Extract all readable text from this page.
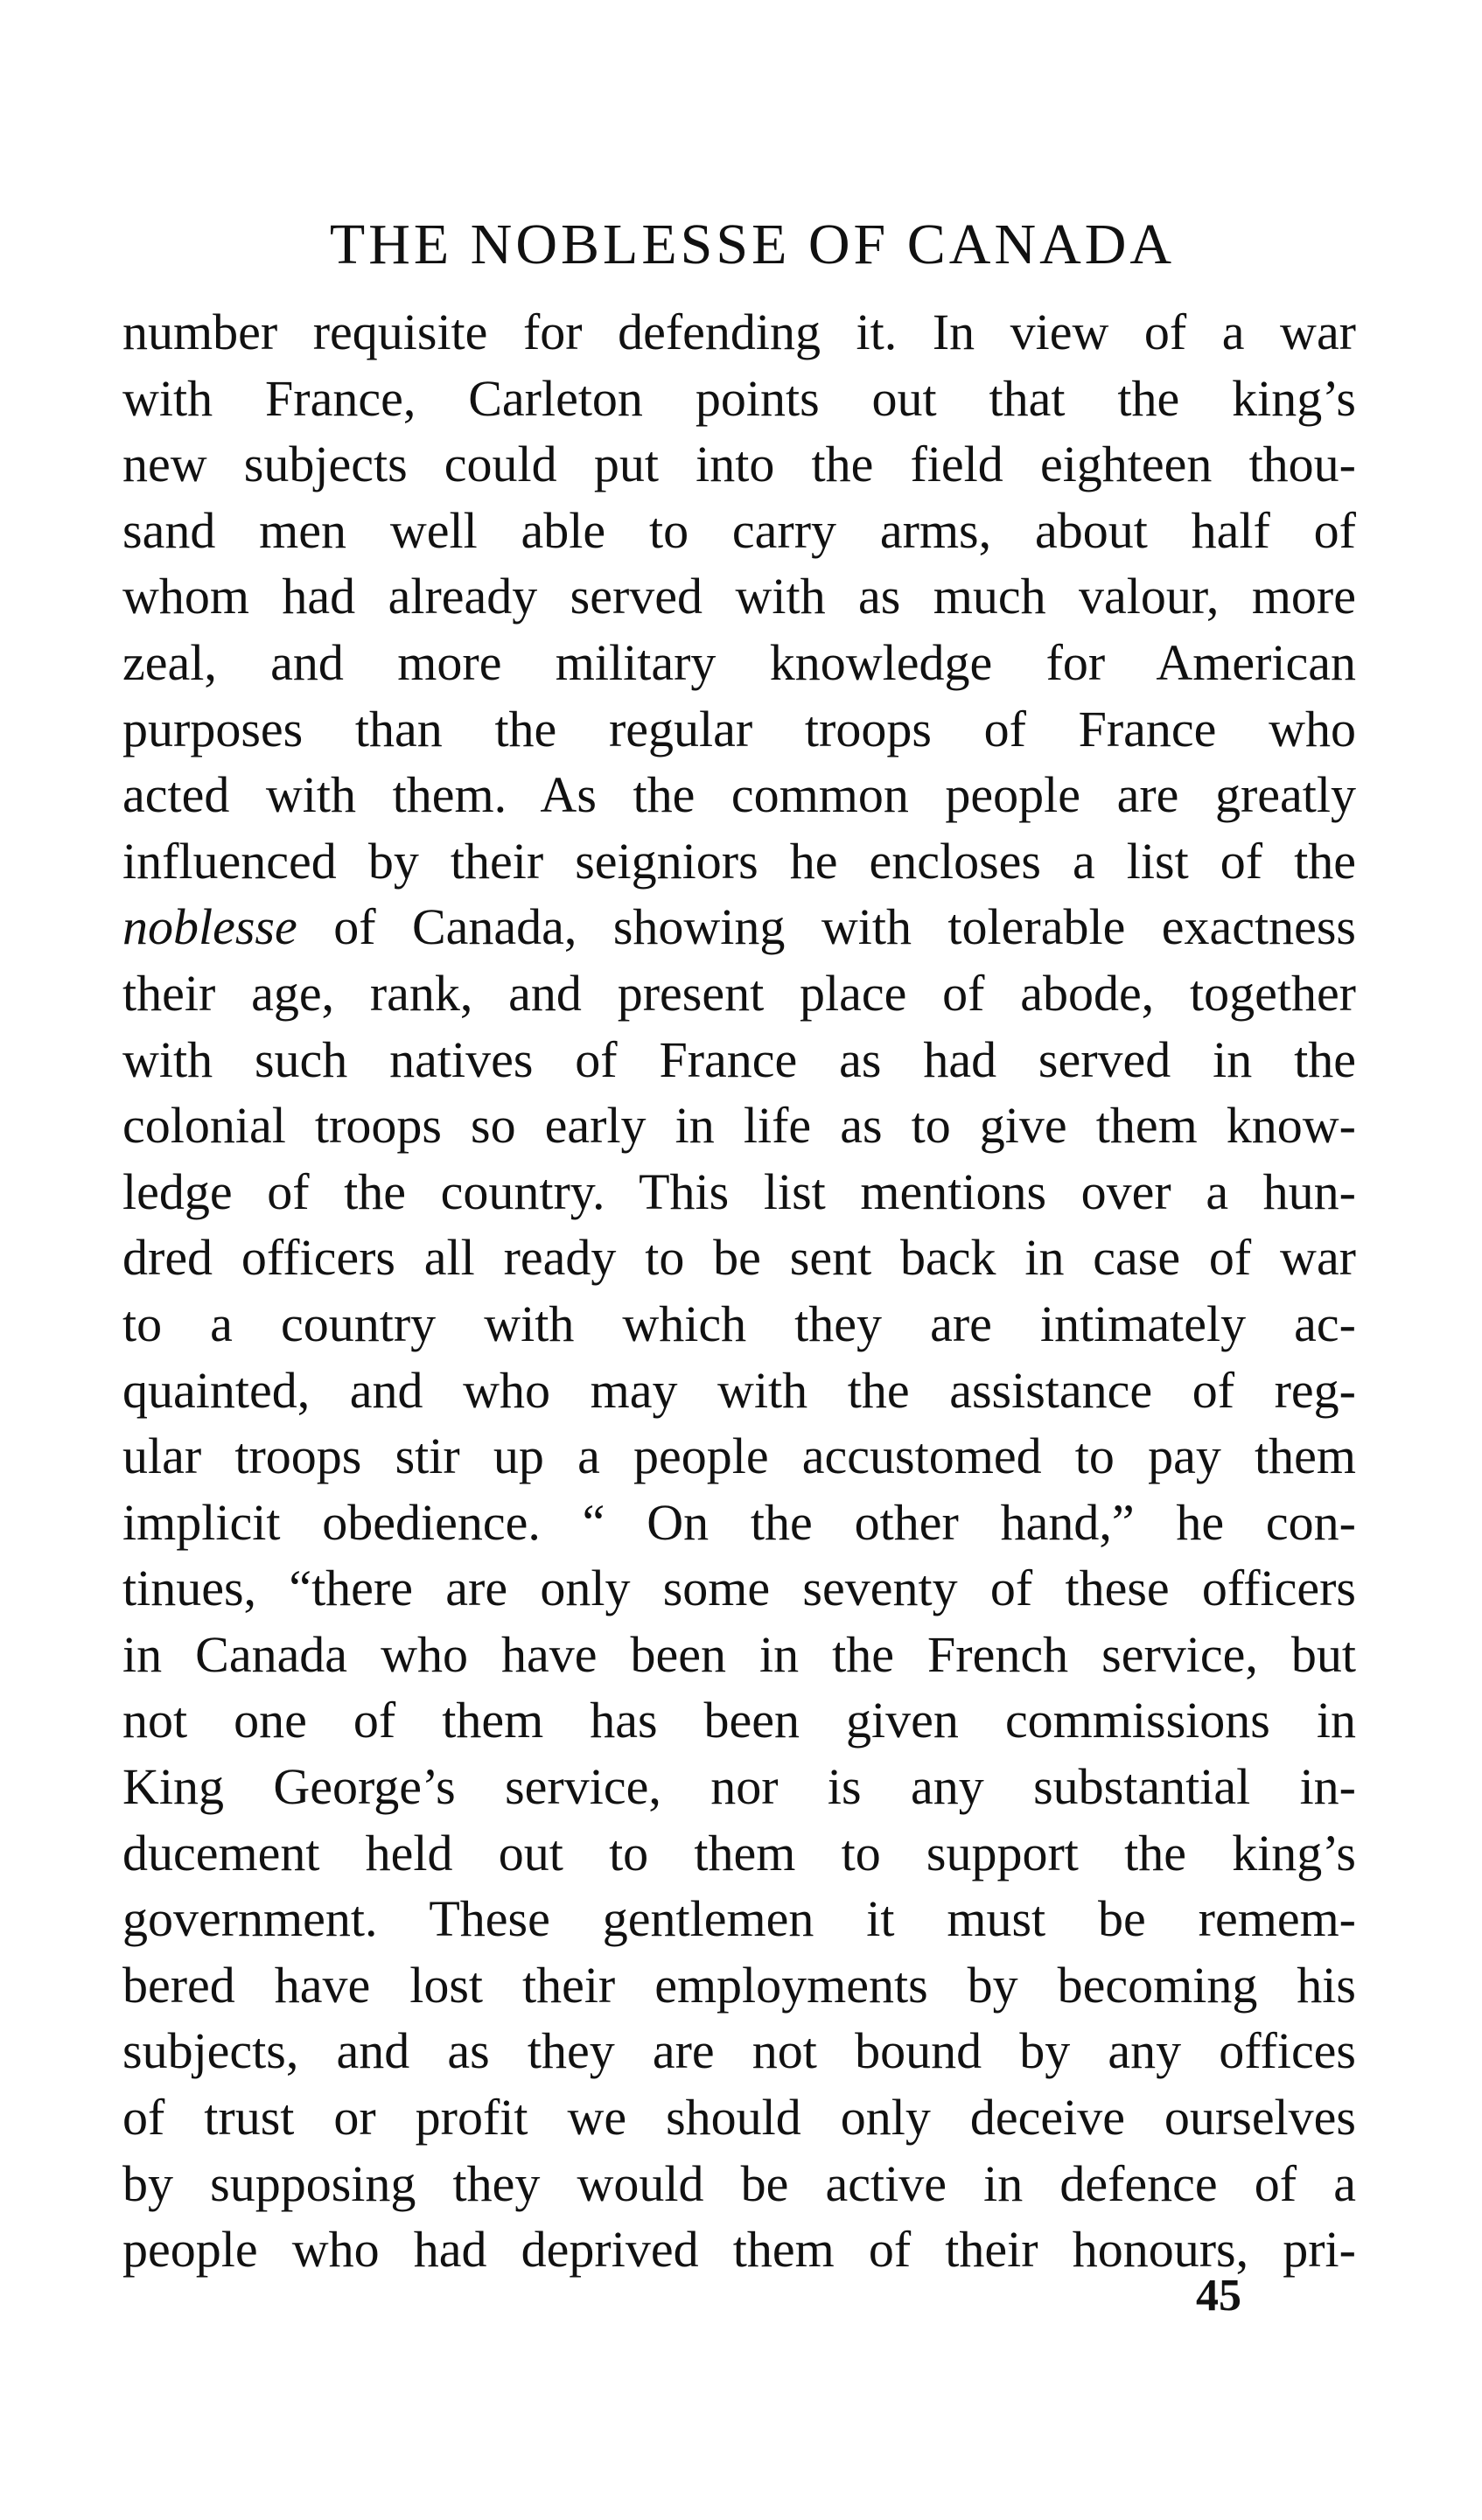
THE NOBLESSE OF CANADA
number requisite for defending it. In view of a war
with France, Carleton points out that the king’s
new subjects could put into the field eighteen thou-
sand men well able to carry arms, about half of
whom had already served with as much valour, more
zeal, and more military knowledge for American
purposes than the regular troops of France who
acted with them. As the common people are greatly
influenced by their seigniors he encloses a list of the
noblesse of Canada, showing with tolerable exactness
their age, rank, and present place of abode, together
with such natives of France as had served in the
colonial troops so early in life as to give them know-
ledge of the country. This list mentions over a hun-
dred officers all ready to be sent back in case of war
to a country with which they are intimately ac-
quainted, and who may with the assistance of reg-
ular troops stir up a people accustomed to pay them
implicit obedience. “ On the other hand,” he con-
tinues, “there are only some seventy of these officers
in Canada who have been in the French service, but
not one of them has been given commissions in
King George’s service, nor is any substantial in-
ducement held out to them to support the king’s
government. These gentlemen it must be remem-
bered have lost their employments by becoming his
subjects, and as they are not bound by any offices
of trust or profit we should only deceive ourselves
by supposing they would be active in defence of a
people who had deprived them of their honours, pri-
45
